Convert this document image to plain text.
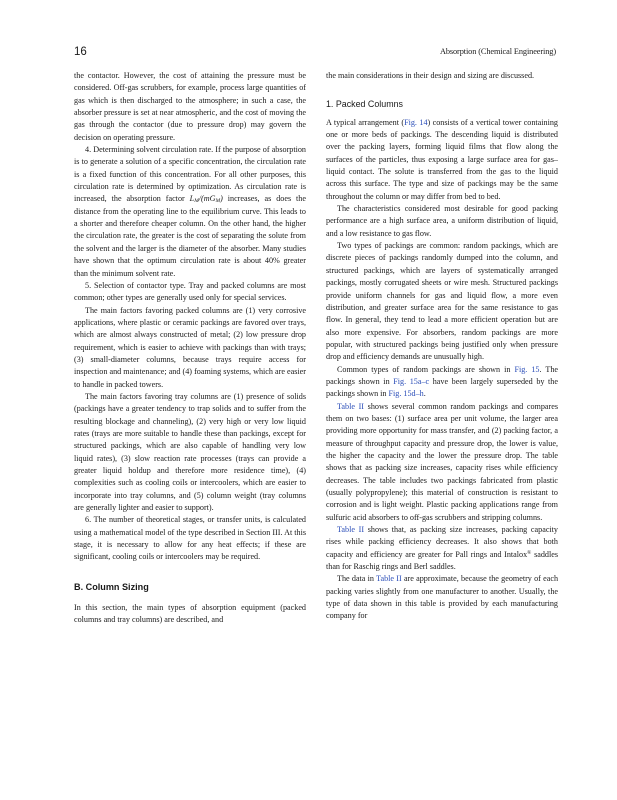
16	Absorption (Chemical Engineering)

the contactor. However, the cost of attaining the pressure must be considered. Off-gas scrubbers, for example, process large quantities of gas which is then discharged to the atmosphere; in such a case, the absorber pressure is set at near atmospheric, and the cost of moving the gas through the contactor (due to pressure drop) may govern the decision on operating pressure.

4. Determining solvent circulation rate. If the purpose of absorption is to generate a solution of a specific concentration, the circulation rate is a fixed function of this concentration. For all other purposes, this circulation rate is determined by optimization. As circulation rate is increased, the absorption factor $L_M/(mG_M)$ increases, as does the distance from the operating line to the equilibrium curve. This leads to a shorter and therefore cheaper column. On the other hand, the higher the circulation rate, the greater is the cost of separating the solute from the solvent and the larger is the diameter of the absorber. Many studies have shown that the optimum circulation rate is about 40% greater than the minimum solvent rate.

5. Selection of contactor type. Tray and packed columns are most common; other types are generally used only for special services.

The main factors favoring packed columns are (1) very corrosive applications, where plastic or ceramic packings are favored over trays, which are almost always constructed of metal; (2) low pressure drop requirement, which is easier to achieve with packings than with trays; (3) small-diameter columns, because trays require access for inspection and maintenance; and (4) foaming systems, which are easier to handle in packed towers.

The main factors favoring tray columns are (1) presence of solids (packings have a greater tendency to trap solids and to suffer from the resulting blockage and channeling), (2) very high or very low liquid rates (trays are more suitable to handle these than packings, except for structured packings, which are also capable of handling very low liquid rates), (3) slow reaction rate processes (trays can provide a greater liquid holdup and therefore more residence time), (4) complexities such as cooling coils or intercoolers, which are easier to incorporate into tray columns, and (5) column weight (tray columns are generally lighter and easier to support).

6. The number of theoretical stages, or transfer units, is calculated using a mathematical model of the type described in Section III. At this stage, it is necessary to allow for any heat effects; if these are significant, cooling coils or intercoolers may be required.

B. Column Sizing

In this section, the main types of absorption equipment (packed columns and tray columns) are described, and

the main considerations in their design and sizing are discussed.

1. Packed Columns

A typical arrangement (Fig. 14) consists of a vertical tower containing one or more beds of packings. The descending liquid is distributed over the packing layers, forming liquid films that flow along the surfaces of the particles, thus exposing a large surface area for gas–liquid contact. The solute is transferred from the gas to the liquid across this surface. The type and size of packings may be the same throughout the column or may differ from bed to bed.

The characteristics considered most desirable for good packing performance are a high surface area, a uniform distribution of liquid, and a low resistance to gas flow.

Two types of packings are common: random packings, which are discrete pieces of packings randomly dumped into the column, and structured packings, which are layers of systematically arranged packings, mostly corrugated sheets or wire mesh. Structured packings provide uniform channels for gas and liquid flow, a more even distribution, and greater surface area for the same resistance to gas flow. In general, they tend to lead a more efficient operation but are also more expensive. For absorbers, random packings are more popular, with structured packings being justified only when pressure drop and efficiency demands are unusually high.

Common types of random packings are shown in Fig. 15. The packings shown in Fig. 15a–c have been largely superseded by the packings shown in Fig. 15d–h.

Table II shows several common random packings and compares them on two bases: (1) surface area per unit volume, the larger area providing more opportunity for mass transfer, and (2) packing factor, a measure of throughput capacity and pressure drop, the lower is value, the higher the capacity and the lower the pressure drop. The table shows that as packing size increases, capacity rises while efficiency decreases. The table includes two packings fabricated from plastic (usually polypropylene); this material of construction is resistant to corrosion and is light weight. Plastic packing applications range from sulfuric acid absorbers to off-gas scrubbers and stripping columns.

Table II shows that, as packing size increases, packing capacity rises while packing efficiency decreases. It also shows that both capacity and efficiency are greater for Pall rings and Intalox® saddles than for Raschig rings and Berl saddles.

The data in Table II are approximate, because the geometry of each packing varies slightly from one manufacturer to another. Usually, the type of data shown in this table is provided by each manufacturing company for
